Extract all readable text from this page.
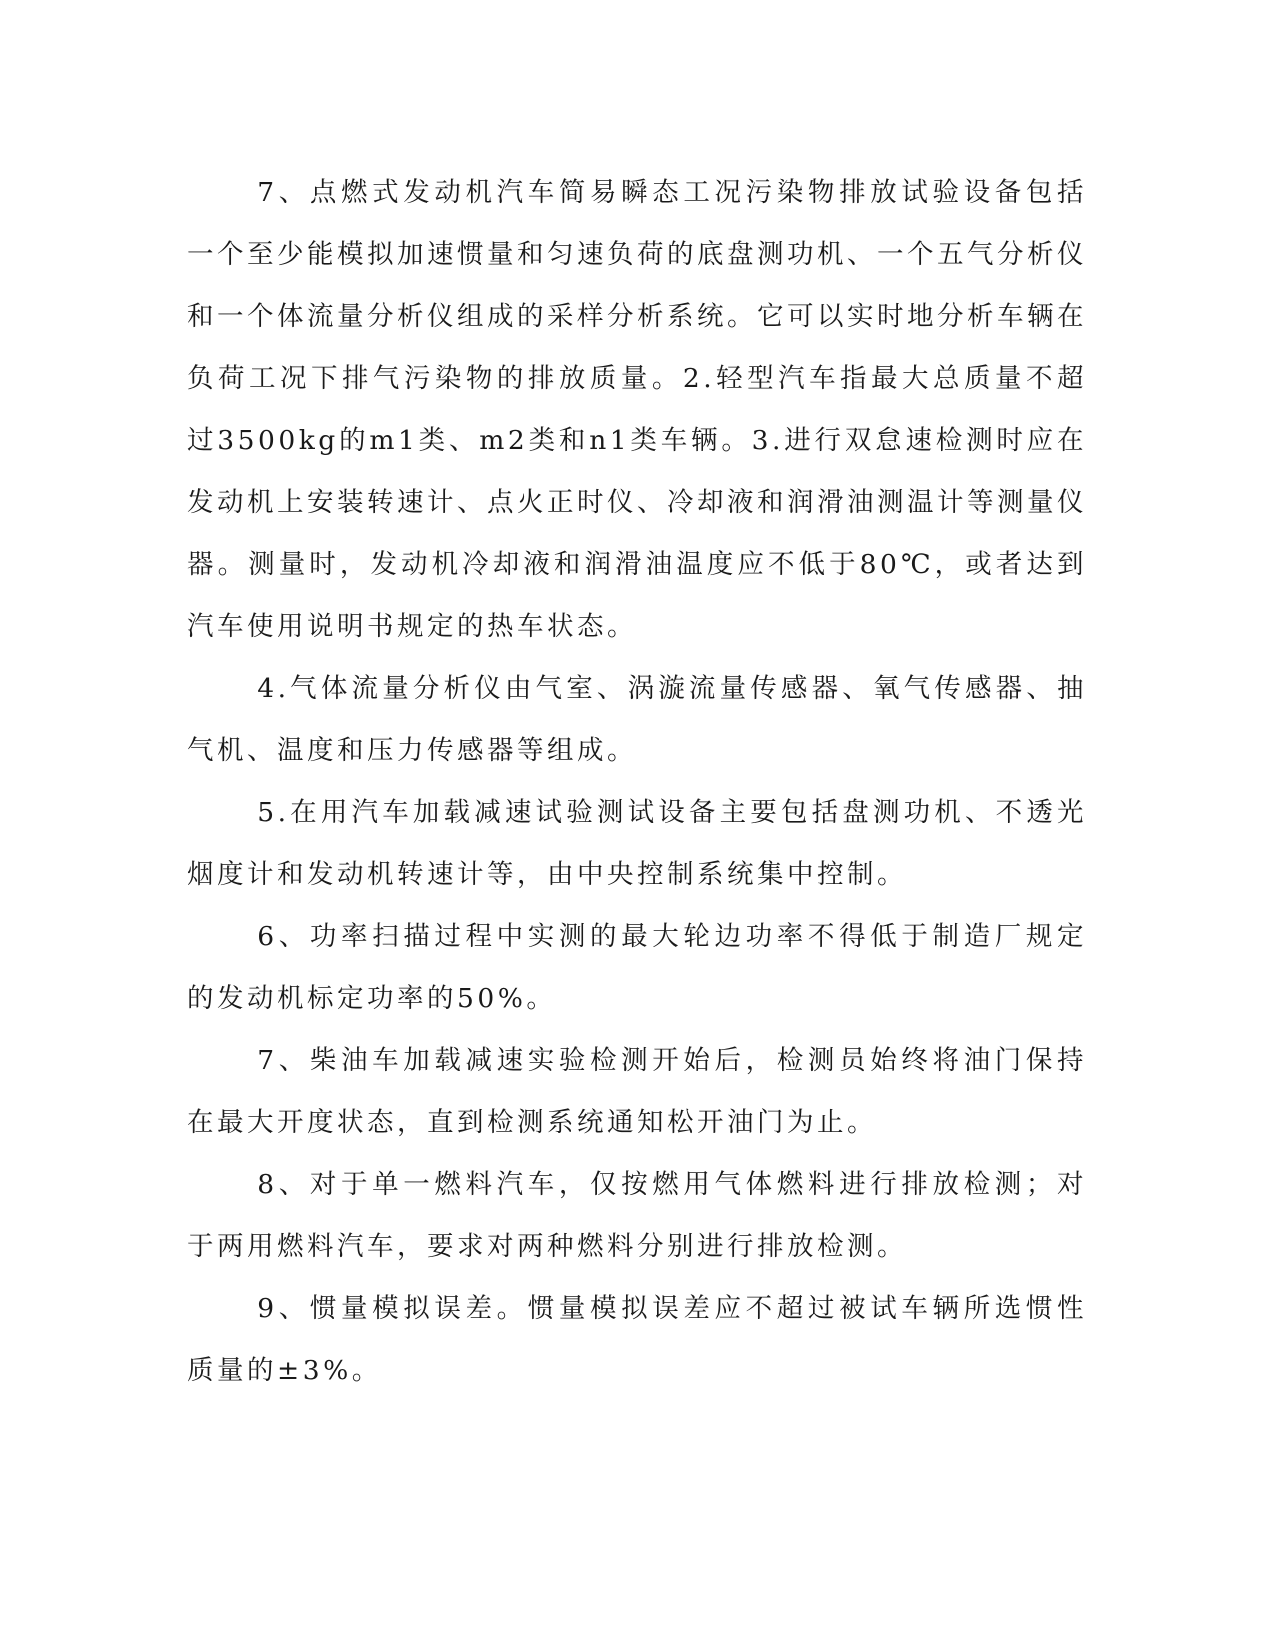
7、点燃式发动机汽车简易瞬态工况污染物排放试验设备包括一个至少能模拟加速惯量和匀速负荷的底盘测功机、一个五气分析仪和一个体流量分析仪组成的采样分析系统。它可以实时地分析车辆在负荷工况下排气污染物的排放质量。2.轻型汽车指最大总质量不超过3500kg的m1类、m2类和n1类车辆。3.进行双怠速检测时应在发动机上安装转速计、点火正时仪、冷却液和润滑油测温计等测量仪器。测量时，发动机冷却液和润滑油温度应不低于80℃，或者达到汽车使用说明书规定的热车状态。

4.气体流量分析仪由气室、涡漩流量传感器、氧气传感器、抽气机、温度和压力传感器等组成。

5.在用汽车加载减速试验测试设备主要包括盘测功机、不透光烟度计和发动机转速计等，由中央控制系统集中控制。

6、功率扫描过程中实测的最大轮边功率不得低于制造厂规定的发动机标定功率的50%。

7、柴油车加载减速实验检测开始后，检测员始终将油门保持在最大开度状态，直到检测系统通知松开油门为止。

8、对于单一燃料汽车，仅按燃用气体燃料进行排放检测；对于两用燃料汽车，要求对两种燃料分别进行排放检测。

9、惯量模拟误差。惯量模拟误差应不超过被试车辆所选惯性质量的±3%。
